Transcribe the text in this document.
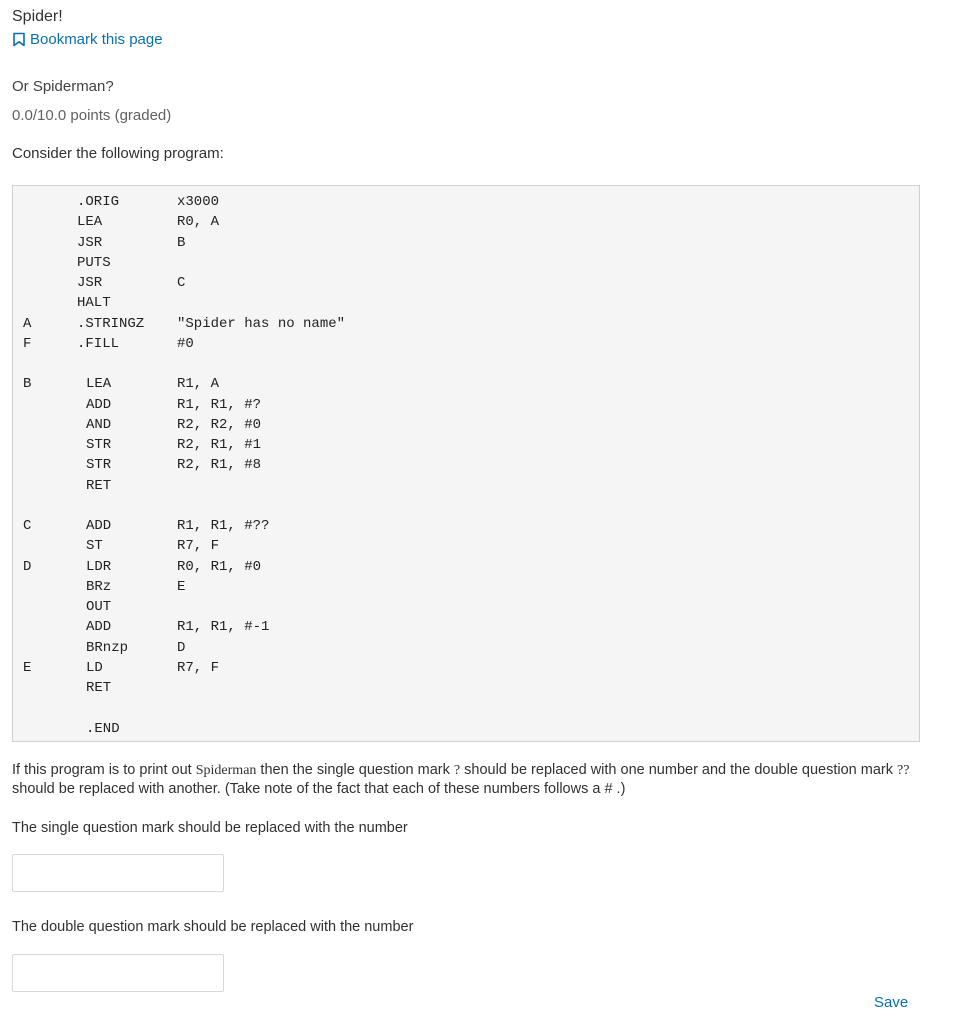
Spider!
Bookmark this page
Or Spiderman?
0.0/10.0 points (graded)
Consider the following program:
.ORIG	x3000
LEA	R0, A
JSR	B
PUTS
JSR	C
HALT
A	.STRINGZ "Spider has no name"
F	.FILL	#0
B	LEA	R1, A
ADD	R1, R1, #?
AND	R2, R2, #0
STR	R2, R1, #1
STR	R2, R1, #8
RET
C	ADD	R1, R1, #??
ST	R7, F
D	LDR	R0, R1, #0
BRz	E
OUT
ADD	R1, R1, #-1
BRnzp	D
E	LD	R7, F
RET
.END
If this program is to print out Spiderman then the single question mark ? should be replaced with one number and the double question mark ?? should be replaced with another. (Take note of the fact that each of these numbers follows a # .)
The single question mark should be replaced with the number
The double question mark should be replaced with the number
Save
